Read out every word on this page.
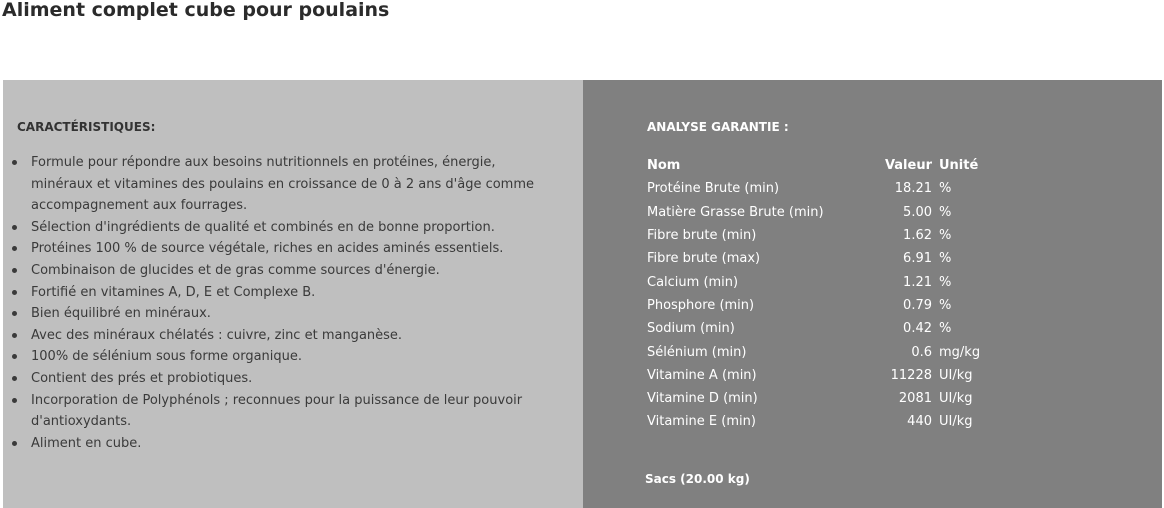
Aliment complet cube pour poulains
CARACTÉRISTIQUES:
Formule pour répondre aux besoins nutritionnels en protéines, énergie, minéraux et vitamines des poulains en croissance de 0 à 2 ans d'âge comme accompagnement aux fourrages.
Sélection d'ingrédients de qualité et combinés en de bonne proportion.
Protéines 100 % de source végétale, riches en acides aminés essentiels.
Combinaison de glucides et de gras comme sources d'énergie.
Fortifié en vitamines A, D, E et Complexe B.
Bien équilibré en minéraux.
Avec des minéraux chélatés : cuivre, zinc et manganèse.
100% de sélénium sous forme organique.
Contient des prés et probiotiques.
Incorporation de Polyphénols ; reconnues pour la puissance de leur pouvoir d'antioxydants.
Aliment en cube.
ANALYSE GARANTIE :
Nom	Valeur	Unité
Protéine Brute (min)	18.21	%
Matière Grasse Brute (min)	5.00	%
Fibre brute (min)	1.62	%
Fibre brute (max)	6.91	%
Calcium (min)	1.21	%
Phosphore (min)	0.79	%
Sodium (min)	0.42	%
Sélénium (min)	0.6	mg/kg
Vitamine A (min)	11228	UI/kg
Vitamine D (min)	2081	UI/kg
Vitamine E (min)	440	UI/kg
Sacs (20.00 kg)
